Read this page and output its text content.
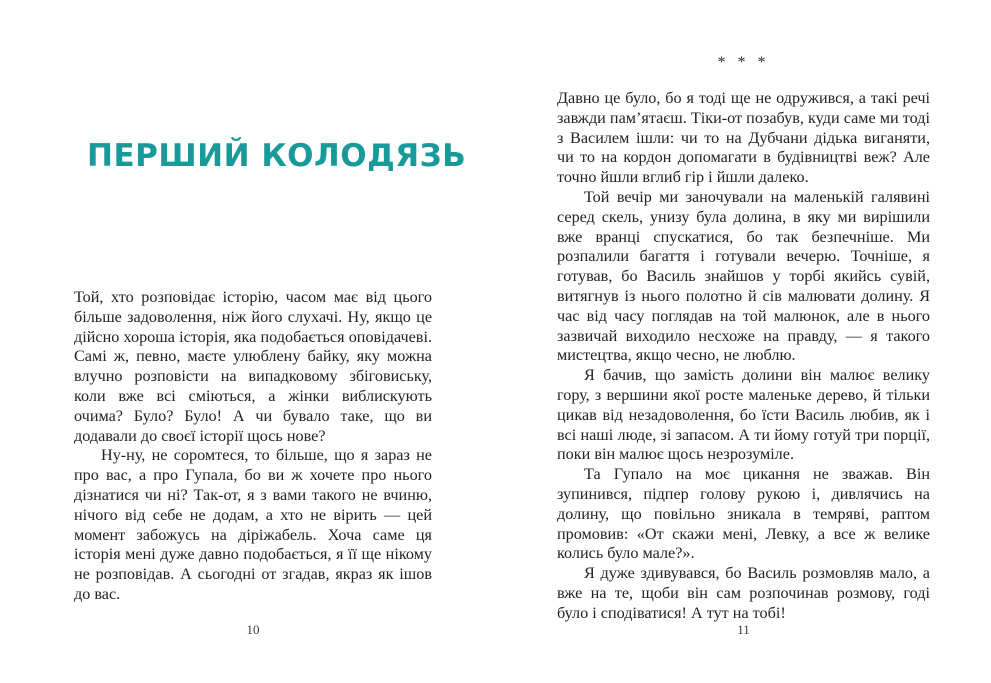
ПЕРШИЙ КОЛОДЯЗЬ

Той, хто розповідає історію, часом має від цього більше задоволення, ніж його слухачі. Ну, якщо це дійсно хороша історія, яка подобається оповідачеві. Самі ж, певно, маєте улюблену байку, яку можна влучно розповісти на випадковому збіговиську, коли вже всі сміються, а жінки виблискують очима? Було? Було! А чи бувало таке, що ви додавали до своєї історії щось нове?

Ну-ну, не соромтеся, то більше, що я зараз не про вас, а про Гупала, бо ви ж хочете про нього дізнатися чи ні? Так-от, я з вами такого не вчиню, нічого від себе не додам, а хто не вірить — цей момент забожусь на діріжабель. Хоча саме ця історія мені дуже давно подобається, я її ще нікому не розповідав. А сьогодні от згадав, якраз як ішов до вас.

10
* * *

Давно це було, бо я тоді ще не одружився, а такі речі завжди пам’ятаєш. Тіки-от позабув, куди саме ми тоді з Василем ішли: чи то на Дубчани дідька виганяти, чи то на кордон допомагати в будівництві веж? Але точно йшли вглиб гір і йшли далеко.

Той вечір ми заночували на маленькій галявині серед скель, унизу була долина, в яку ми вирішили вже вранці спускатися, бо так безпечніше. Ми розпалили багаття і готували вечерю. Точніше, я готував, бо Василь знайшов у торбі якийсь сувій, витягнув із нього полотно й сів малювати долину. Я час від часу поглядав на той малюнок, але в нього зазвичай виходило несхоже на правду, — я такого мистецтва, якщо чесно, не люблю.

Я бачив, що замість долини він малює велику гору, з вершини якої росте маленьке дерево, й тільки цикав від незадоволення, бо їсти Василь любив, як і всі наші люде, зі запасом. А ти йому готуй три порції, поки він малює щось незрозуміле.

Та Гупало на моє цикання не зважав. Він зупинився, підпер голову рукою і, дивлячись на долину, що повільно зникала в темряві, раптом промовив: «От скажи мені, Левку, а все ж велике колись було мале?».

Я дуже здивувався, бо Василь розмовляв мало, а вже на те, щоби він сам розпочинав розмову, годі було і сподіватися! А тут на тобі!

11
